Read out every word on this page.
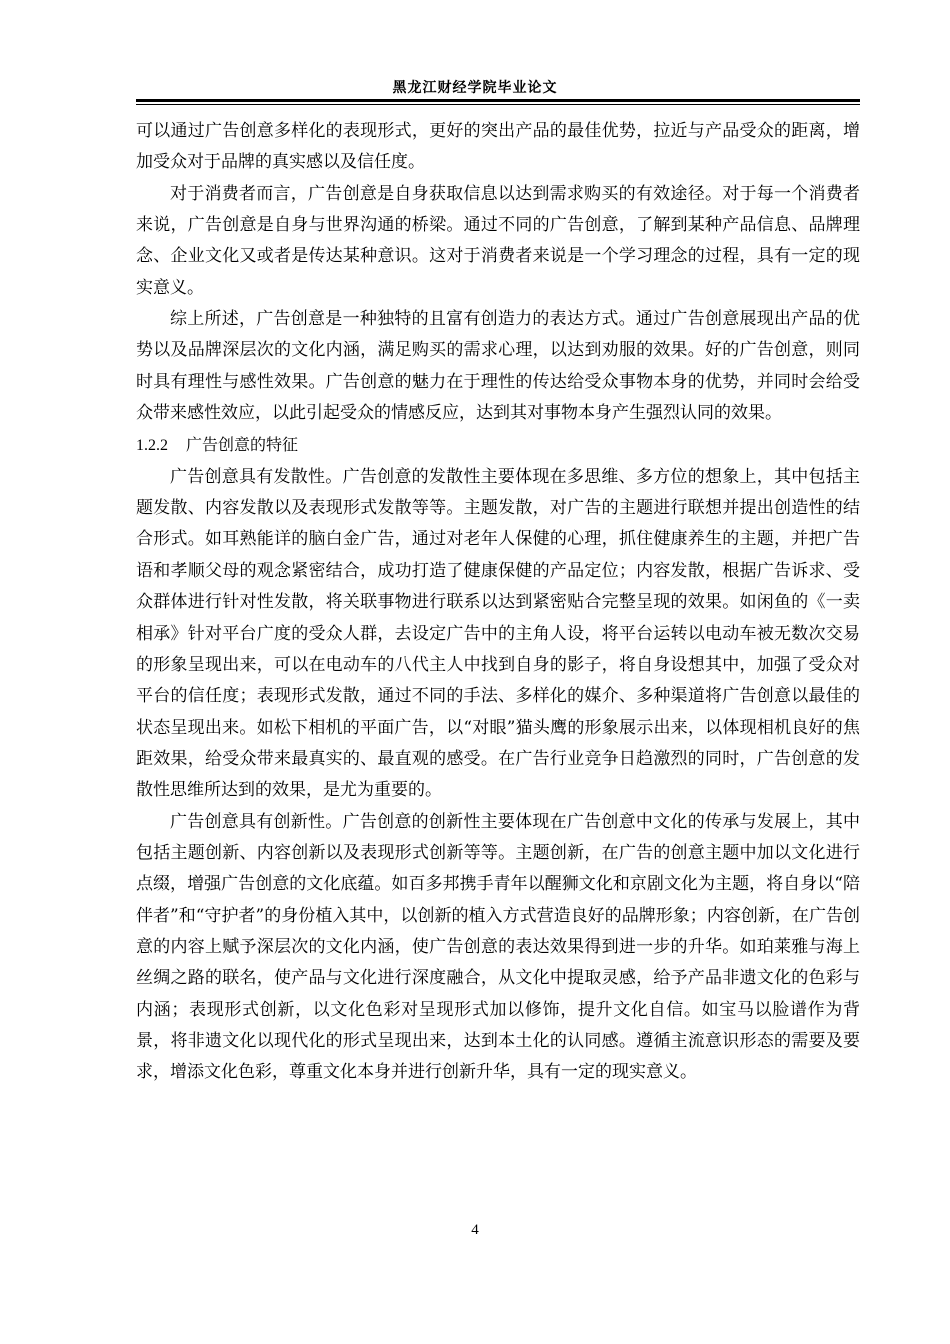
黑龙江财经学院毕业论文

可以通过广告创意多样化的表现形式，更好的突出产品的最佳优势，拉近与产品受众的距离，增加受众对于品牌的真实感以及信任度。

对于消费者而言，广告创意是自身获取信息以达到需求购买的有效途径。对于每一个消费者来说，广告创意是自身与世界沟通的桥梁。通过不同的广告创意，了解到某种产品信息、品牌理念、企业文化又或者是传达某种意识。这对于消费者来说是一个学习理念的过程，具有一定的现实意义。

综上所述，广告创意是一种独特的且富有创造力的表达方式。通过广告创意展现出产品的优势以及品牌深层次的文化内涵，满足购买的需求心理，以达到劝服的效果。好的广告创意，则同时具有理性与感性效果。广告创意的魅力在于理性的传达给受众事物本身的优势，并同时会给受众带来感性效应，以此引起受众的情感反应，达到其对事物本身产生强烈认同的效果。

1.2.2 广告创意的特征

广告创意具有发散性。广告创意的发散性主要体现在多思维、多方位的想象上，其中包括主题发散、内容发散以及表现形式发散等等。主题发散，对广告的主题进行联想并提出创造性的结合形式。如耳熟能详的脑白金广告，通过对老年人保健的心理，抓住健康养生的主题，并把广告语和孝顺父母的观念紧密结合，成功打造了健康保健的产品定位；内容发散，根据广告诉求、受众群体进行针对性发散，将关联事物进行联系以达到紧密贴合完整呈现的效果。如闲鱼的《一卖相承》针对平台广度的受众人群，去设定广告中的主角人设，将平台运转以电动车被无数次交易的形象呈现出来，可以在电动车的八代主人中找到自身的影子，将自身设想其中，加强了受众对平台的信任度；表现形式发散，通过不同的手法、多样化的媒介、多种渠道将广告创意以最佳的状态呈现出来。如松下相机的平面广告，以“对眼”猫头鹰的形象展示出来，以体现相机良好的焦距效果，给受众带来最真实的、最直观的感受。在广告行业竞争日趋激烈的同时，广告创意的发散性思维所达到的效果，是尤为重要的。

广告创意具有创新性。广告创意的创新性主要体现在广告创意中文化的传承与发展上，其中包括主题创新、内容创新以及表现形式创新等等。主题创新，在广告的创意主题中加以文化进行点缀，增强广告创意的文化底蕴。如百多邦携手青年以醒狮文化和京剧文化为主题，将自身以“陪伴者”和“守护者”的身份植入其中，以创新的植入方式营造良好的品牌形象；内容创新，在广告创意的内容上赋予深层次的文化内涵，使广告创意的表达效果得到进一步的升华。如珀莱雅与海上丝绸之路的联名，使产品与文化进行深度融合，从文化中提取灵感，给予产品非遗文化的色彩与内涵；表现形式创新，以文化色彩对呈现形式加以修饰，提升文化自信。如宝马以脸谱作为背景，将非遗文化以现代化的形式呈现出来，达到本土化的认同感。遵循主流意识形态的需要及要求，增添文化色彩，尊重文化本身并进行创新升华，具有一定的现实意义。

4
